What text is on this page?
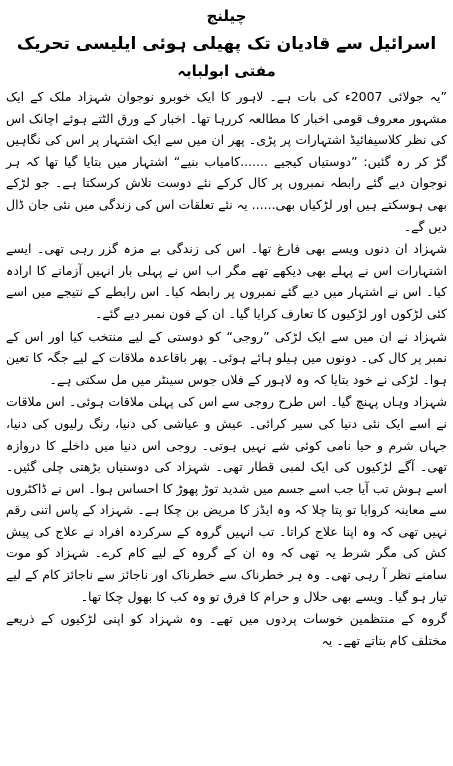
چیلنج
اسرائیل سے قادیان تک پھیلی ہوئی ایلیسی تحریک
مفتی ابولبابہ

”یہ جولائی 2007ء کی بات ہے۔ لاہور کا ایک خوبرو نوجوان شہزاد ملک کے ایک مشہور معروف قومی اخبار کا مطالعہ کررہا تھا۔ اخبار کے ورق الٹتے ہوئے اچانک اس کی نظر کلاسیفائیڈ اشتہارات پر پڑی۔ پھر ان میں سے ایک اشتہار پر اس کی نگاہیں گڑ کر رہ گئیں: ”دوستیاں کیجیے .......کامیاب بنیے“ اشتہار میں بتایا گیا تھا کہ ہر نوجوان دیے گئے رابطہ نمبروں پر کال کرکے نئے دوست تلاش کرسکتا ہے۔ جو لڑکے بھی ہوسکتے ہیں اور لڑکیاں بھی...... یہ نئے تعلقات اس کی زندگی میں نئی جان ڈال دیں گے۔

شہزاد ان دنوں ویسے بھی فارغ تھا۔ اس کی زندگی بے مزہ گزر رہی تھی۔ ایسے اشتہارات اس نے پہلے بھی دیکھے تھے مگر اب اس نے پہلی بار انہیں آزمانے کا ارادہ کیا۔ اس نے اشتہار میں دیے گئے نمبروں پر رابطہ کیا۔ اس رابطے کے نتیجے میں اسے کئی لڑکوں اور لڑکیوں کا تعارف کرایا گیا۔ ان کے فون نمبر دیے گئے۔

شہزاد نے ان میں سے ایک لڑکی ”روجی“ کو دوستی کے لیے منتخب کیا اور اس کے نمبر پر کال کی۔ دونوں میں ہیلو ہائے ہوئی۔ پھر باقاعدہ ملاقات کے لیے جگہ کا تعین ہوا۔ لڑکی نے خود بتایا کہ وہ لاہور کے فلاں جوس سینٹر میں مل سکتی ہے۔

شہزاد وہاں پہنچ گیا۔ اس طرح روجی سے اس کی پہلی ملاقات ہوئی۔ اس ملاقات نے اسے ایک نئی دنیا کی سیر کرائی۔ عیش و عیاشی کی دنیا، رنگ رلیوں کی دنیا، جہاں شرم و حیا نامی کوئی شے نہیں ہوتی۔ روجی اس دنیا میں داخلے کا دروازہ تھی۔ آگے لڑکیوں کی ایک لمبی قطار تھی۔ شہزاد کی دوستیاں بڑھتی چلی گئیں۔ اسے ہوش تب آیا جب اسے جسم میں شدید توڑ پھوڑ کا احساس ہوا۔ اس نے ڈاکٹروں سے معاینہ کروایا تو پتا چلا کہ وہ ایڈز کا مریض بن چکا ہے۔ شہزاد کے پاس اتنی رقم نہیں تھی کہ وہ اپنا علاج کراتا۔ تب انہیں گروہ کے سرکردہ افراد نے علاج کی پیش کش کی مگر شرط یہ تھی کہ وہ ان کے گروہ کے لیے کام کرے۔ شہزاد کو موت سامنے نظر آ رہی تھی۔ وہ ہر خطرناک سے خطرناک اور ناجائز سے ناجائز کام کے لیے تیار ہو گیا۔ ویسے بھی حلال و حرام کا فرق تو وہ کب کا بھول چکا تھا۔

گروہ کے منتظمین خوسات پردوں میں تھے۔ وہ شہزاد کو اپنی لڑکیوں کے ذریعے مختلف کام بتاتے تھے۔ یہ
